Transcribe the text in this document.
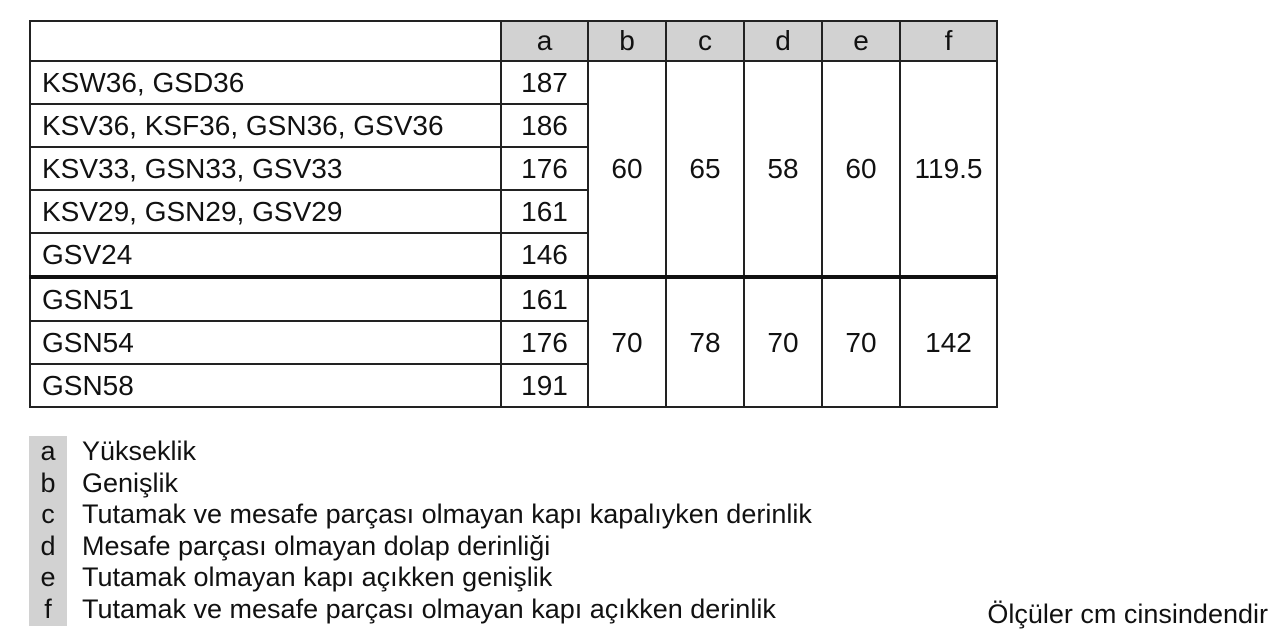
	a	b	c	d	e	f
KSW36, GSD36	187	60	65	58	60	119.5
KSV36, KSF36, GSN36, GSV36	186					
KSV33, GSN33, GSV33	176					
KSV29, GSN29, GSV29	161					
GSV24	146					
GSN51	161	70	78	70	70	142
GSN54	176					
GSN58	191					
a Yükseklik
b Genişlik
c	Tutamak ve mesafe parçası olmayan kapı kapalıyken derinlik
d Mesafe parçası olmayan dolap derinliği
e Tutamak olmayan kapı açıkken genişlik
f	Tutamak ve mesafe parçası olmayan kapı açıkken derinlik	Ölçüler cm cinsindendir
